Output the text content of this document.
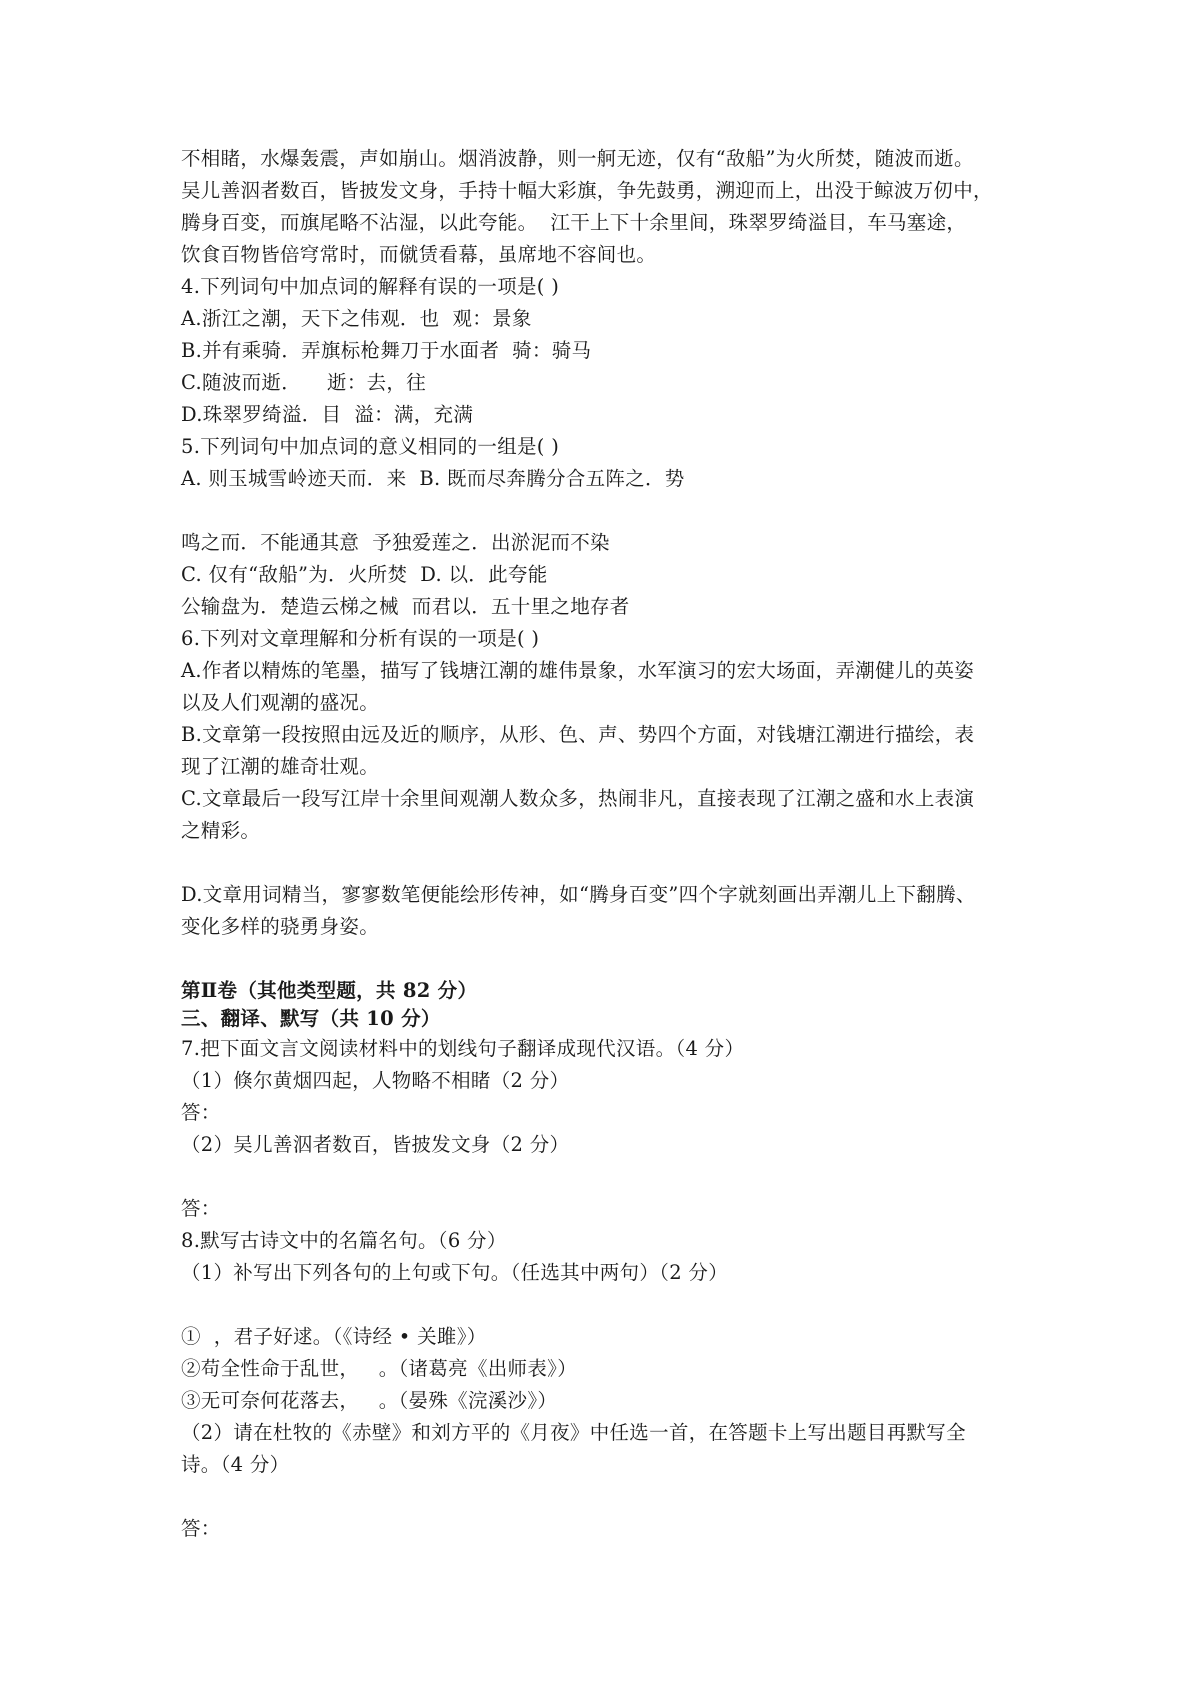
不相睹，水爆轰震，声如崩山。烟消波静，则一舸无迹，仅有“敌船”为火所焚，随波而逝。
吴儿善泅者数百，皆披发文身，手持十幅大彩旗，争先鼓勇，溯迎而上，出没于鲸波万仞中，
腾身百变，而旗尾略不沾湿，以此夸能。  江干上下十余里间，珠翠罗绮溢目，车马塞途，
饮食百物皆倍穹常时，而僦赁看幕，虽席地不容间也。
4.下列词句中加点词的解释有误的一项是( )
A.浙江之潮，天下之伟观．也  观：景象
B.并有乘骑．弄旗标枪舞刀于水面者  骑：骑马
C.随波而逝．    逝：去，往
D.珠翠罗绮溢．目  溢：满，充满
5.下列词句中加点词的意义相同的一组是( )
A. 则玉城雪岭迹天而．来  B. 既而尽奔腾分合五阵之．势
鸣之而．不能通其意  予独爱莲之．出淤泥而不染
C. 仅有“敌船”为．火所焚  D. 以．此夸能
公输盘为．楚造云梯之械  而君以．五十里之地存者
6.下列对文章理解和分析有误的一项是( )
A.作者以精炼的笔墨，描写了钱塘江潮的雄伟景象，水军演习的宏大场面，弄潮健儿的英姿
以及人们观潮的盛况。
B.文章第一段按照由远及近的顺序，从形、色、声、势四个方面，对钱塘江潮进行描绘，表
现了江潮的雄奇壮观。
C.文章最后一段写江岸十余里间观潮人数众多，热闹非凡，直接表现了江潮之盛和水上表演
之精彩。
D.文章用词精当，寥寥数笔便能绘形传神，如“腾身百变”四个字就刻画出弄潮儿上下翻腾、
变化多样的骁勇身姿。
第Ⅱ卷（其他类型题，共 82 分）
三、翻译、默写（共 10 分）
7.把下面文言文阅读材料中的划线句子翻译成现代汉语。（4 分）
（1）倏尔黄烟四起，人物略不相睹（2 分）
答：
（2）吴儿善泅者数百，皆披发文身（2 分）
答：
8.默写古诗文中的名篇名句。（6 分）
（1）补写出下列各句的上句或下句。（任选其中两句）（2 分）
①  ，君子好逑。（《诗经 • 关雎》）
②苟全性命于乱世，   。（诸葛亮《出师表》）
③无可奈何花落去，   。（晏殊《浣溪沙》）
（2）请在杜牧的《赤壁》和刘方平的《月夜》中任选一首，在答题卡上写出题目再默写全
诗。（4 分）
答：
